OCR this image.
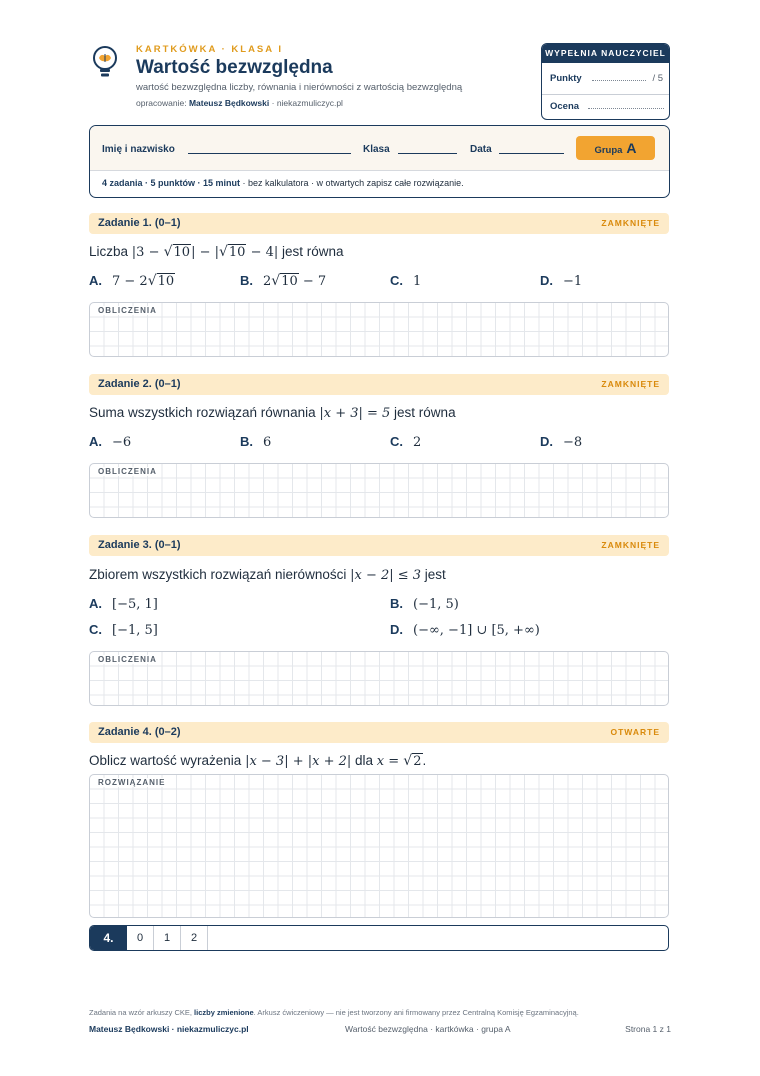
KARTKÓWKA · KLASA I
Wartość bezwzględna
wartość bezwzględna liczby, równania i nierówności z wartością bezwzględną
opracowanie: Mateusz Będkowski · niekazmuliczyc.pl
WYPEŁNIA NAUCZYCIEL
Punkty	/ 5
Ocena
Imię i nazwisko	Klasa	Data	Grupa A
4 zadania · 5 punktów · 15 minut · bez kalkulatora · w otwartych zapisz całe rozwiązanie.
Zadanie 1. (0–1)	ZAMKNIĘTE
Liczba |3 − √10| − |√10 − 4| jest równa
A. 7 − 2√10	B. 2√10 − 7	C. 1	D. −1
OBLICZENIA
Zadanie 2. (0–1)	ZAMKNIĘTE
Suma wszystkich rozwiązań równania |x + 3| = 5 jest równa
A. −6	B. 6	C. 2	D. −8
OBLICZENIA
Zadanie 3. (0–1)	ZAMKNIĘTE
Zbiorem wszystkich rozwiązań nierówności |x − 2| ≤ 3 jest
A. [−5, 1]	B. (−1, 5)
C. [−1, 5]	D. (−∞, −1] ∪ [5, +∞)
OBLICZENIA
Zadanie 4. (0–2)	OTWARTE
Oblicz wartość wyrażenia |x − 3| + |x + 2| dla x = √2.
ROZWIĄZANIE
4.	0	1	2
Zadania na wzór arkuszy CKE, liczby zmienione. Arkusz ćwiczeniowy — nie jest tworzony ani firmowany przez Centralną Komisję Egzaminacyjną.
Mateusz Będkowski · niekazmuliczyc.pl	Wartość bezwzględna · kartkówka · grupa A	Strona 1 z 1
